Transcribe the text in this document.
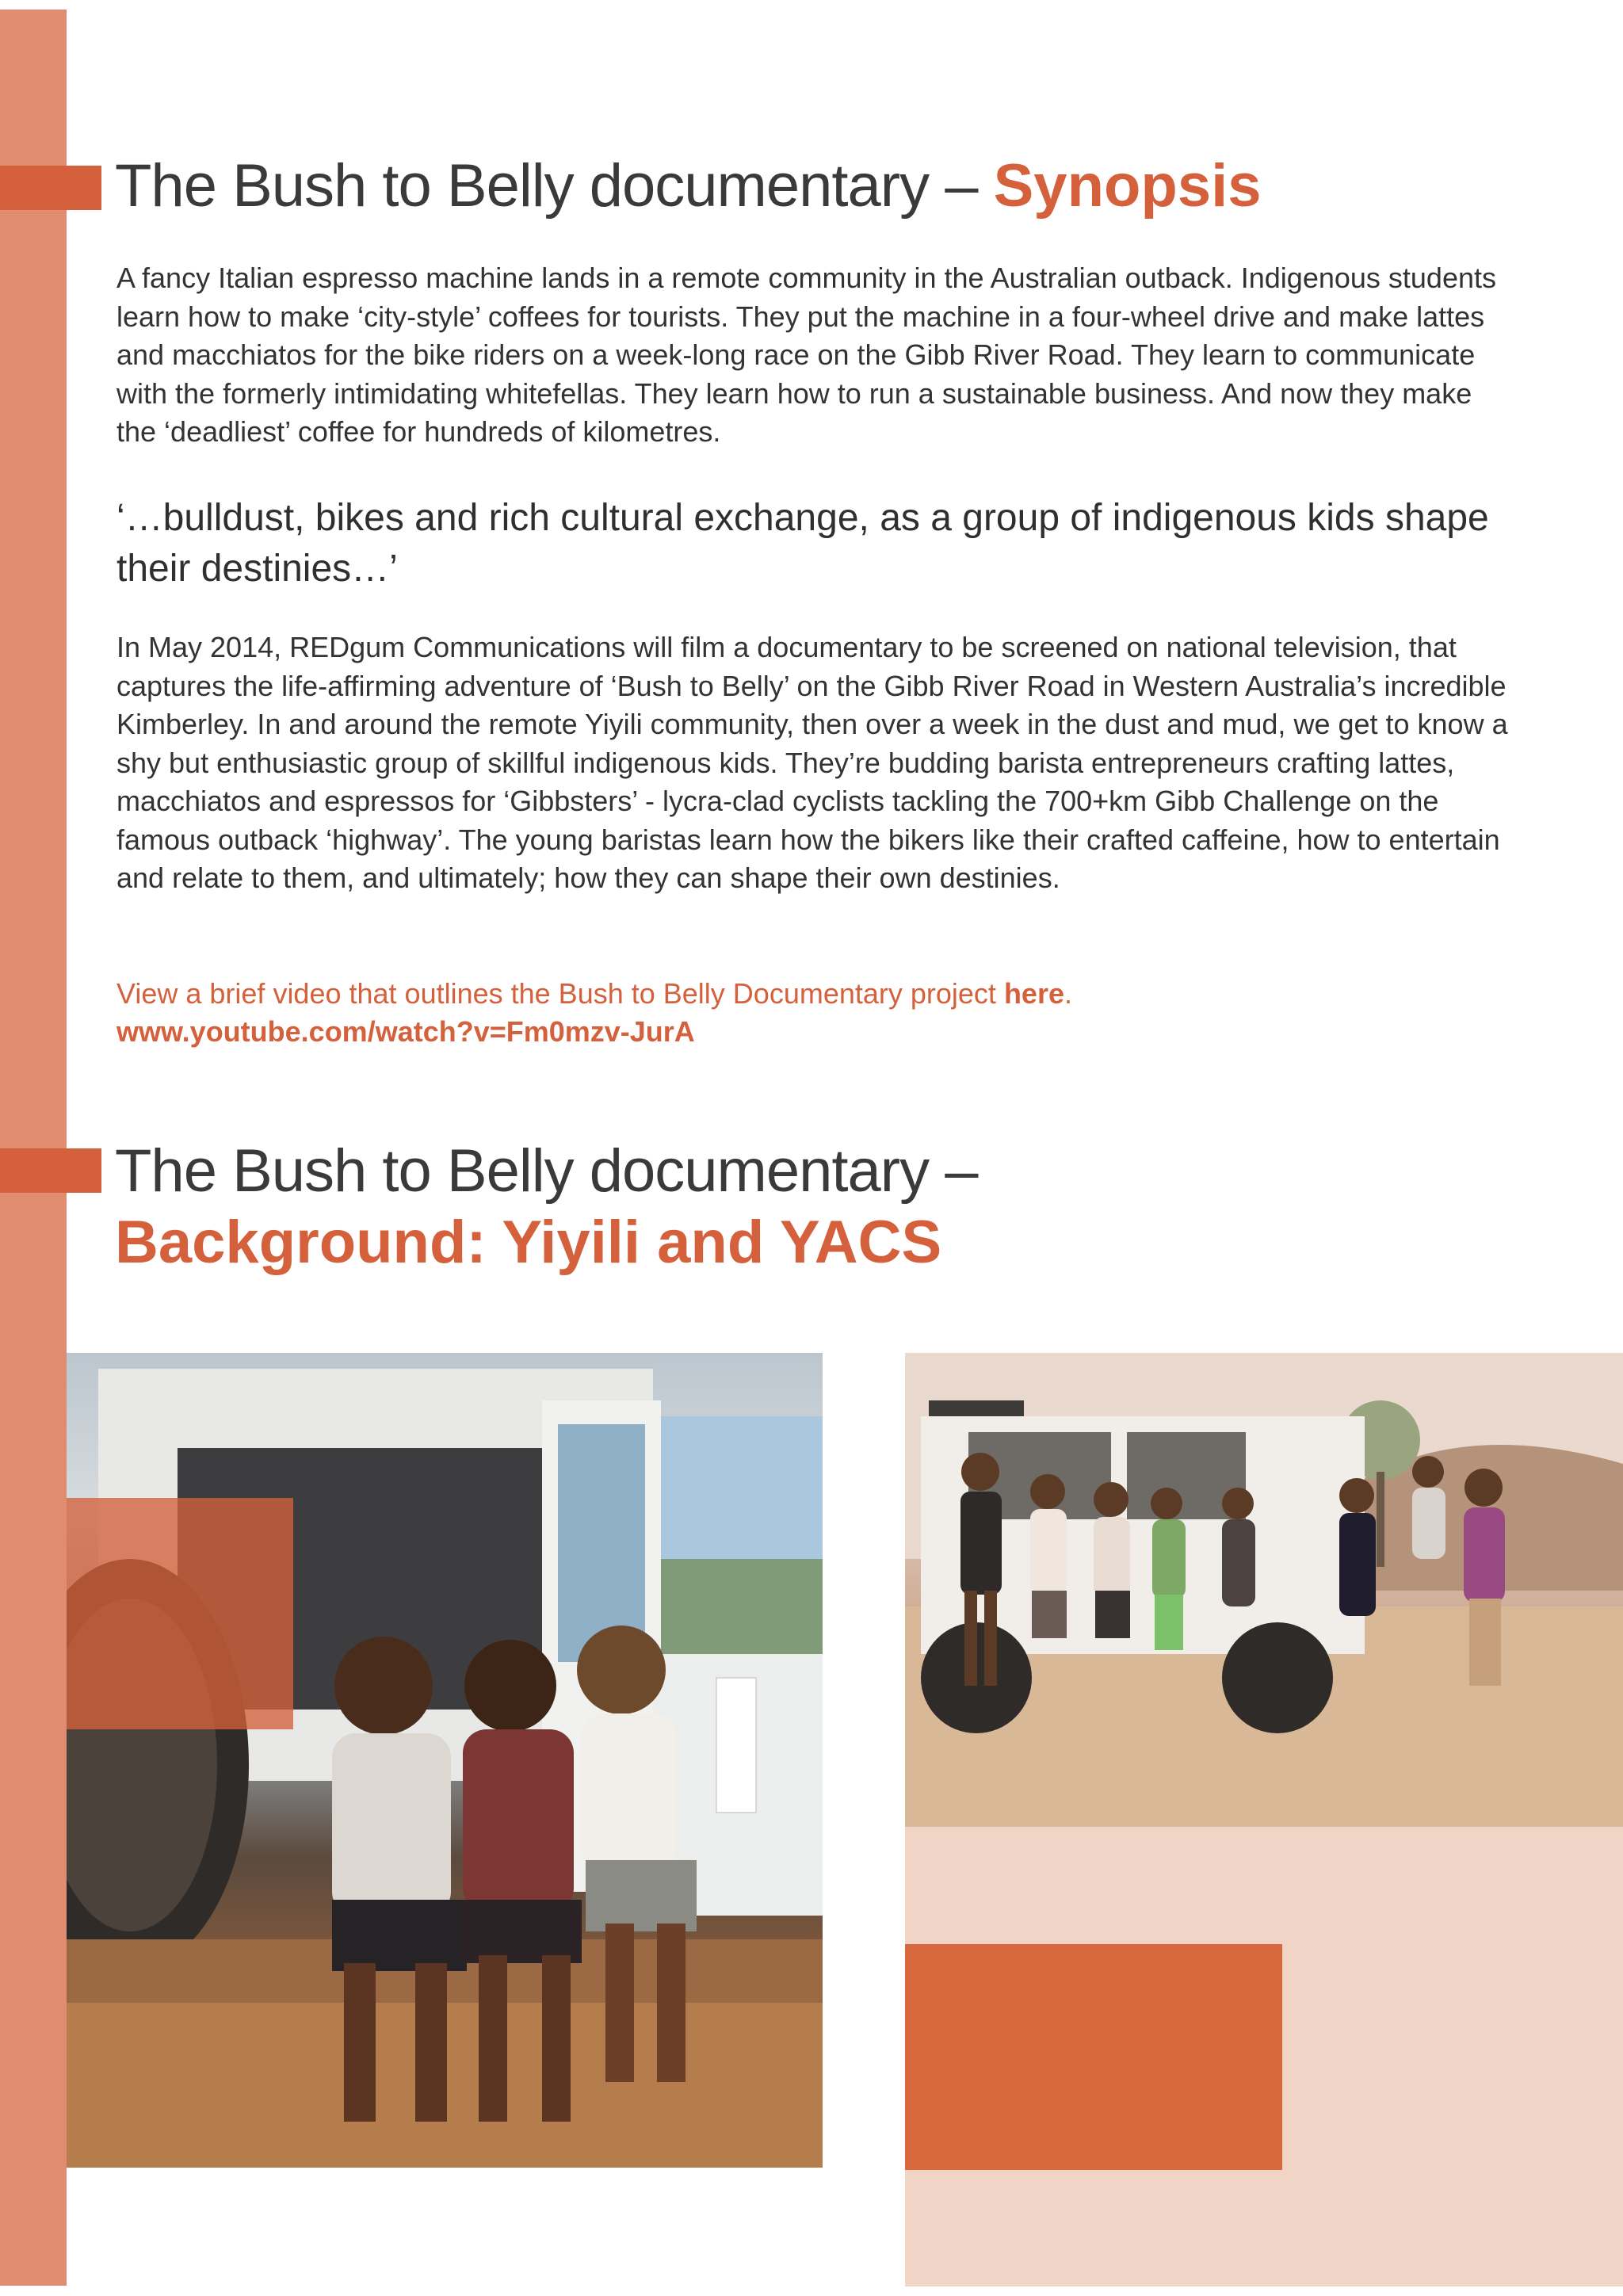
The Bush to Belly documentary – Synopsis

A fancy Italian espresso machine lands in a remote community in the Australian outback. Indigenous students learn how to make ‘city-style’ coffees for tourists. They put the machine in a four-wheel drive and make lattes and macchiatos for the bike riders on a week-long race on the Gibb River Road. They learn to communicate with the formerly intimidating whitefellas. They learn how to run a sustainable business. And now they make the ‘deadliest’ coffee for hundreds of kilometres.

‘…bulldust, bikes and rich cultural exchange, as a group of indigenous kids shape their destinies…’

In May 2014, REDgum Communications will film a documentary to be screened on national television, that captures the life-affirming adventure of ‘Bush to Belly’ on the Gibb River Road in Western Australia’s incredible Kimberley. In and around the remote Yiyili community, then over a week in the dust and mud, we get to know a shy but enthusiastic group of skillful indigenous kids. They’re budding barista entrepreneurs crafting lattes, macchiatos and espressos for ‘Gibbsters’ - lycra-clad cyclists tackling the 700+km Gibb Challenge on the famous outback ‘highway’. The young baristas learn how the bikers like their crafted caffeine, how to entertain and relate to them, and ultimately; how they can shape their own destinies.

View a brief video that outlines the Bush to Belly Documentary project here.
www.youtube.com/watch?v=Fm0mzv-JurA

The Bush to Belly documentary –
Background: Yiyili and YACS
